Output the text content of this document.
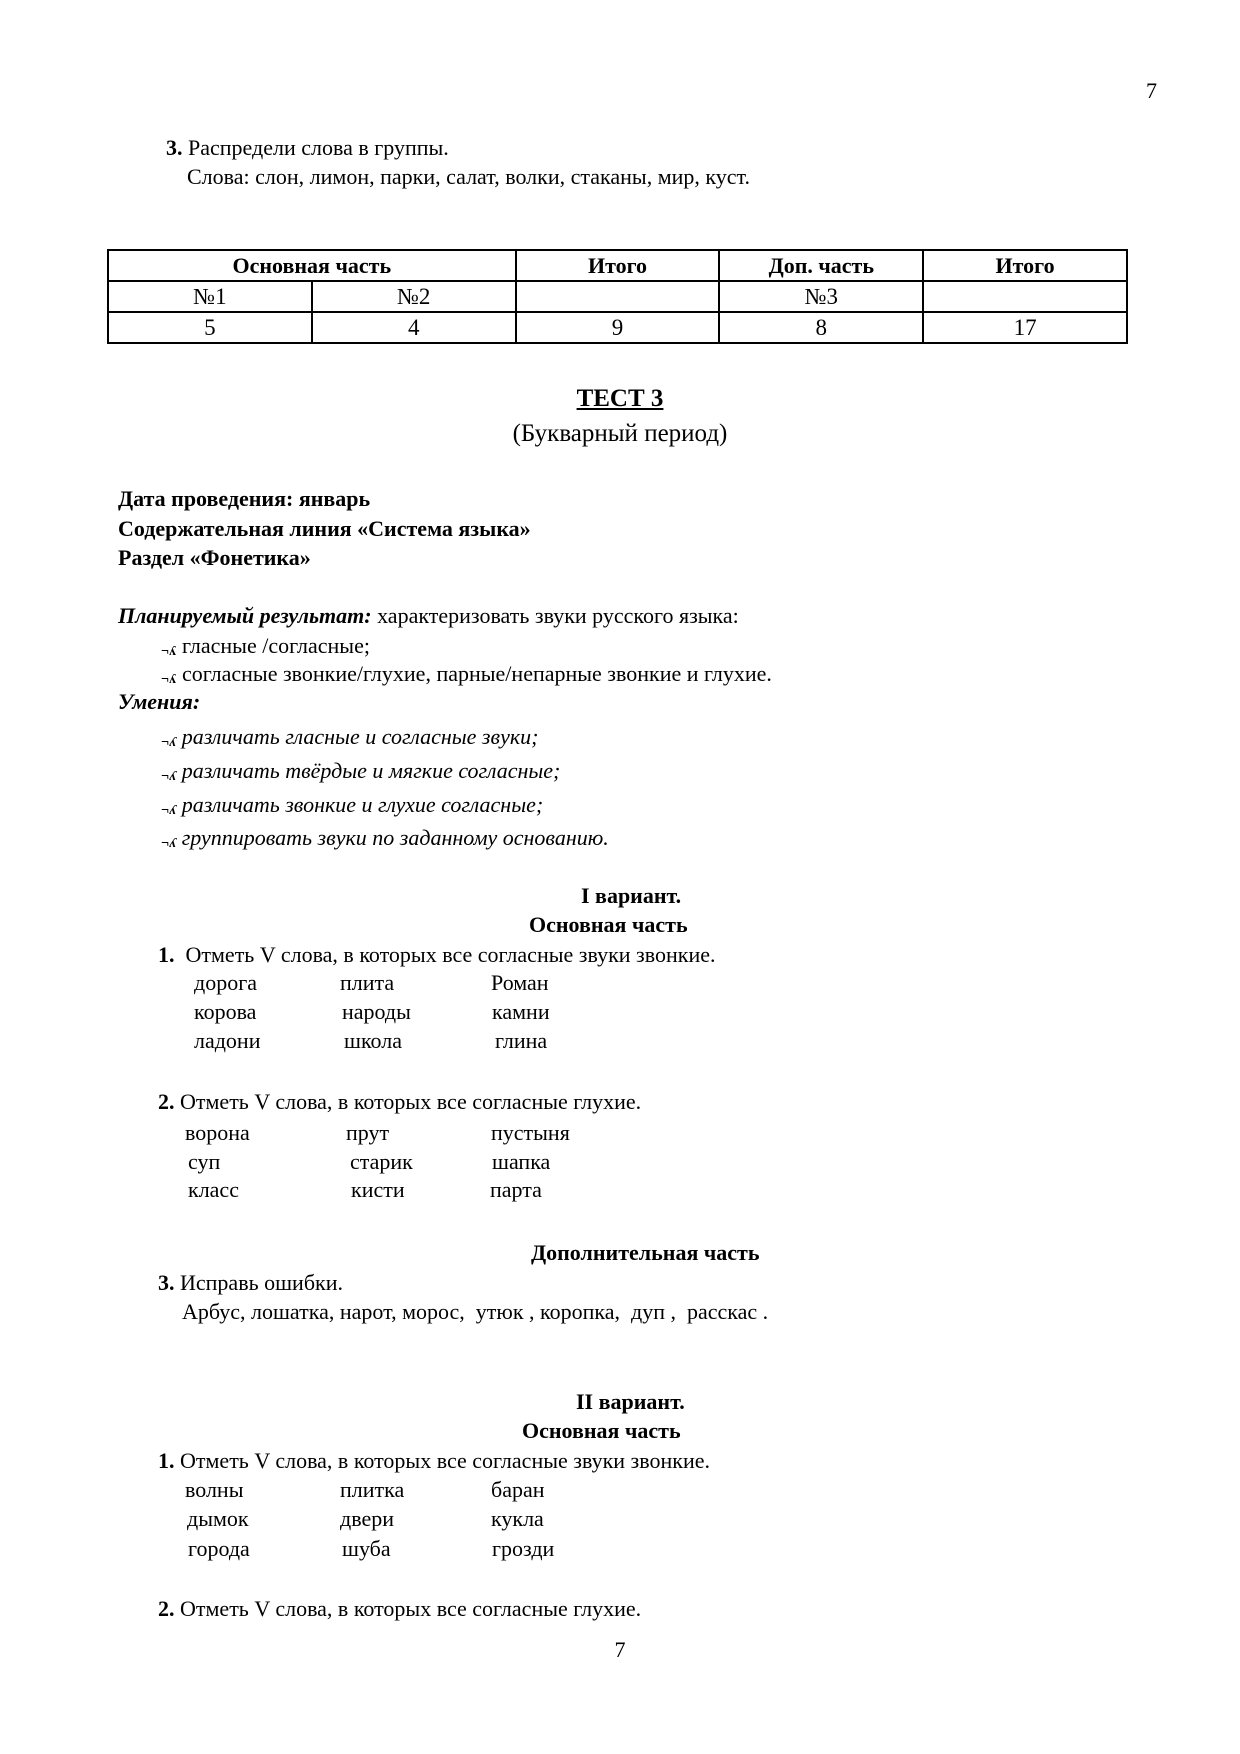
7
3. Распредели слова в группы.
Слова: слон, лимон, парки, салат, волки, стаканы, мир, куст.
Основная часть		Итого	Доп. часть	Итого
№1	№2		№3	
5	4	9	8	17
ТЕСТ 3
(Букварный период)
Дата проведения: январь
Содержательная линия «Система языка»
Раздел «Фонетика»
Планируемый результат: характеризовать звуки русского языка:
¬ʎ гласные /согласные;
¬ʎ согласные звонкие/глухие, парные/непарные звонкие и глухие.
Умения:
¬ʎ различать гласные и согласные звуки;
¬ʎ различать твёрдые и мягкие согласные;
¬ʎ различать звонкие и глухие согласные;
¬ʎ группировать звуки по заданному основанию.
I вариант.
Основная часть
1. Отметь V слова, в которых все согласные звуки звонкие.
дорога	плита	Роман
корова	народы	камни
ладони	школа	глина
2. Отметь V слова, в которых все согласные глухие.
ворона	прут	пустыня
суп	старик	шапка
класс	кисти	парта
Дополнительная часть
3. Исправь ошибки.
Арбус, лошатка, нарот, морос,  утюк , коропка,  дуп ,  расскас .
II вариант.
Основная часть
1. Отметь V слова, в которых все согласные звуки звонкие.
волны	плитка	баран
дымок	двери	кукла
города	шуба	грозди
2. Отметь V слова, в которых все согласные глухие.
7
